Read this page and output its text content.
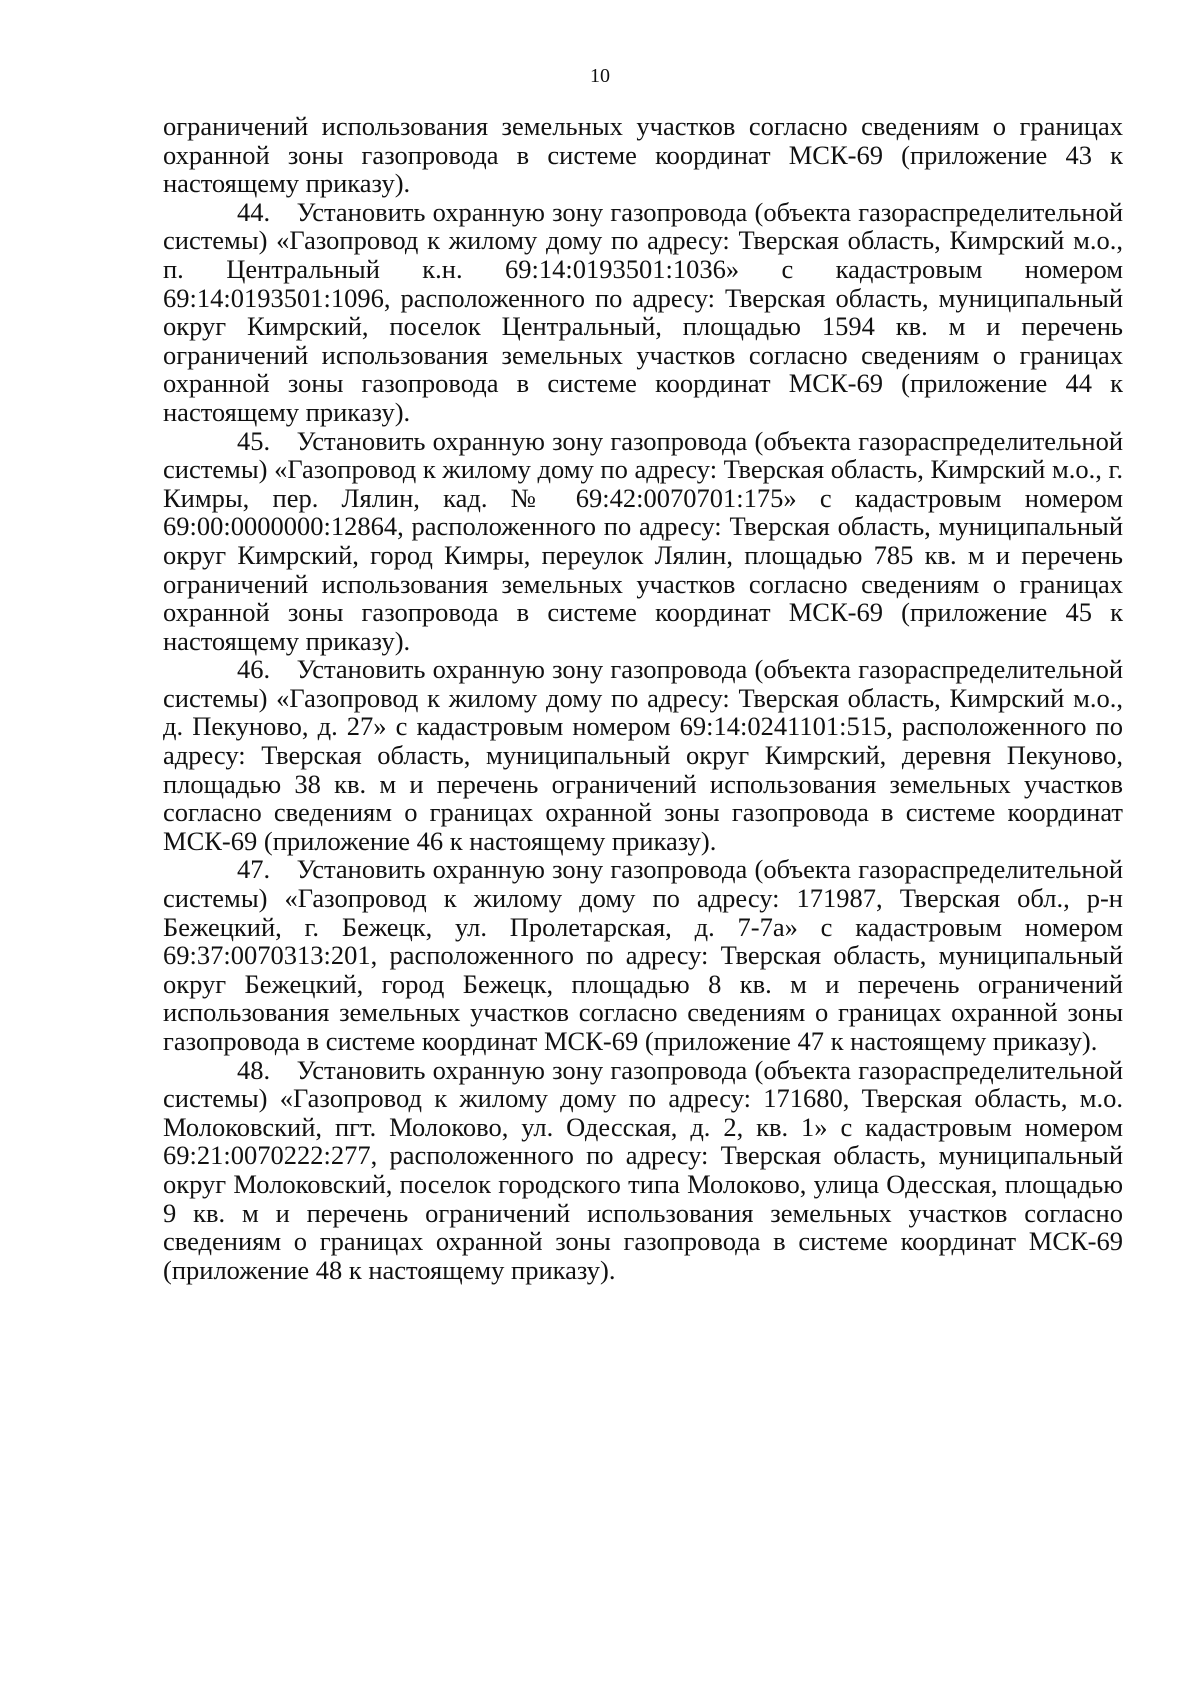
10

ограничений использования земельных участков согласно сведениям о границах охранной зоны газопровода в системе координат МСК-69 (приложение 43 к настоящему приказу).

44. Установить охранную зону газопровода (объекта газораспределительной системы) «Газопровод к жилому дому по адресу: Тверская область, Кимрский м.о., п. Центральный к.н. 69:14:0193501:1036» с кадастровым номером 69:14:0193501:1096, расположенного по адресу: Тверская область, муниципальный округ Кимрский, поселок Центральный, площадью 1594 кв. м и перечень ограничений использования земельных участков согласно сведениям о границах охранной зоны газопровода в системе координат МСК-69 (приложение 44 к настоящему приказу).

45. Установить охранную зону газопровода (объекта газораспределительной системы) «Газопровод к жилому дому по адресу: Тверская область, Кимрский м.о., г. Кимры, пер. Лялин, кад. № 69:42:0070701:175» с кадастровым номером 69:00:0000000:12864, расположенного по адресу: Тверская область, муниципальный округ Кимрский, город Кимры, переулок Лялин, площадью 785 кв. м и перечень ограничений использования земельных участков согласно сведениям о границах охранной зоны газопровода в системе координат МСК-69 (приложение 45 к настоящему приказу).

46. Установить охранную зону газопровода (объекта газораспределительной системы) «Газопровод к жилому дому по адресу: Тверская область, Кимрский м.о., д. Пекуново, д. 27» с кадастровым номером 69:14:0241101:515, расположенного по адресу: Тверская область, муниципальный округ Кимрский, деревня Пекуново, площадью 38 кв. м и перечень ограничений использования земельных участков согласно сведениям о границах охранной зоны газопровода в системе координат МСК-69 (приложение 46 к настоящему приказу).

47. Установить охранную зону газопровода (объекта газораспределительной системы) «Газопровод к жилому дому по адресу: 171987, Тверская обл., р-н Бежецкий, г. Бежецк, ул. Пролетарская, д. 7-7а» с кадастровым номером 69:37:0070313:201, расположенного по адресу: Тверская область, муниципальный округ Бежецкий, город Бежецк, площадью 8 кв. м и перечень ограничений использования земельных участков согласно сведениям о границах охранной зоны газопровода в системе координат МСК-69 (приложение 47 к настоящему приказу).

48. Установить охранную зону газопровода (объекта газораспределительной системы) «Газопровод к жилому дому по адресу: 171680, Тверская область, м.о. Молоковский, пгт. Молоково, ул. Одесская, д. 2, кв. 1» с кадастровым номером 69:21:0070222:277, расположенного по адресу: Тверская область, муниципальный округ Молоковский, поселок городского типа Молоково, улица Одесская, площадью 9 кв. м и перечень ограничений использования земельных участков согласно сведениям о границах охранной зоны газопровода в системе координат МСК-69 (приложение 48 к настоящему приказу).
